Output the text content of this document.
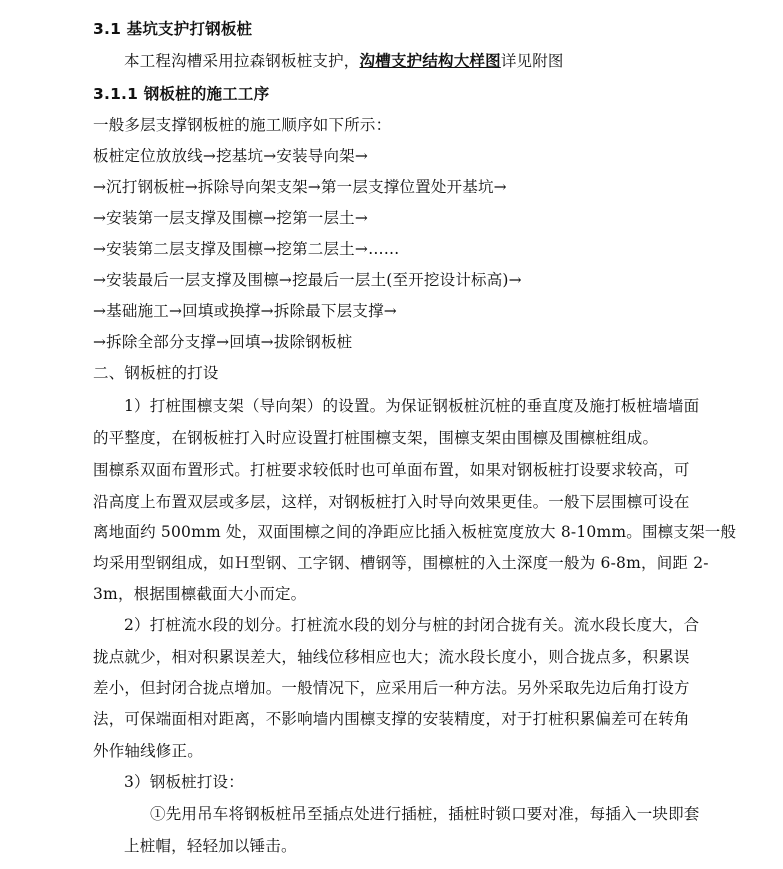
3.1 基坑支护打钢板桩
本工程沟槽采用拉森钢板桩支护，沟槽支护结构大样图详见附图
3.1.1 钢板桩的施工工序
一般多层支撑钢板桩的施工顺序如下所示：
板桩定位放放线→挖基坑→安装导向架→
→沉打钢板桩→拆除导向架支架→第一层支撑位置处开基坑→
→安装第一层支撑及围檩→挖第一层土→
→安装第二层支撑及围檩→挖第二层土→……
→安装最后一层支撑及围檩→挖最后一层土(至开挖设计标高)→
→基础施工→回填或换撑→拆除最下层支撑→
→拆除全部分支撑→回填→拔除钢板桩
二、钢板桩的打设
1）打桩围檩支架（导向架）的设置。为保证钢板桩沉桩的垂直度及施打板桩墙墙面
的平整度，在钢板桩打入时应设置打桩围檩支架，围檩支架由围檩及围檩桩组成。
围檩系双面布置形式。打桩要求较低时也可单面布置，如果对钢板桩打设要求较高，可
沿高度上布置双层或多层，这样，对钢板桩打入时导向效果更佳。一般下层围檩可设在
离地面约 500mm 处，双面围檩之间的净距应比插入板桩宽度放大 8-10mm。围檩支架一般
均采用型钢组成，如Ｈ型钢、工字钢、槽钢等，围檩桩的入土深度一般为 6-8m，间距 2-
3m，根据围檩截面大小而定。
2）打桩流水段的划分。打桩流水段的划分与桩的封闭合拢有关。流水段长度大，合
拢点就少，相对积累误差大，轴线位移相应也大；流水段长度小，则合拢点多，积累误
差小，但封闭合拢点增加。一般情况下，应采用后一种方法。另外采取先边后角打设方
法，可保端面相对距离，不影响墙内围檩支撑的安装精度，对于打桩积累偏差可在转角
外作轴线修正。
3）钢板桩打设：
①先用吊车将钢板桩吊至插点处进行插桩，插桩时锁口要对准，每插入一块即套
上桩帽，轻轻加以锤击。
